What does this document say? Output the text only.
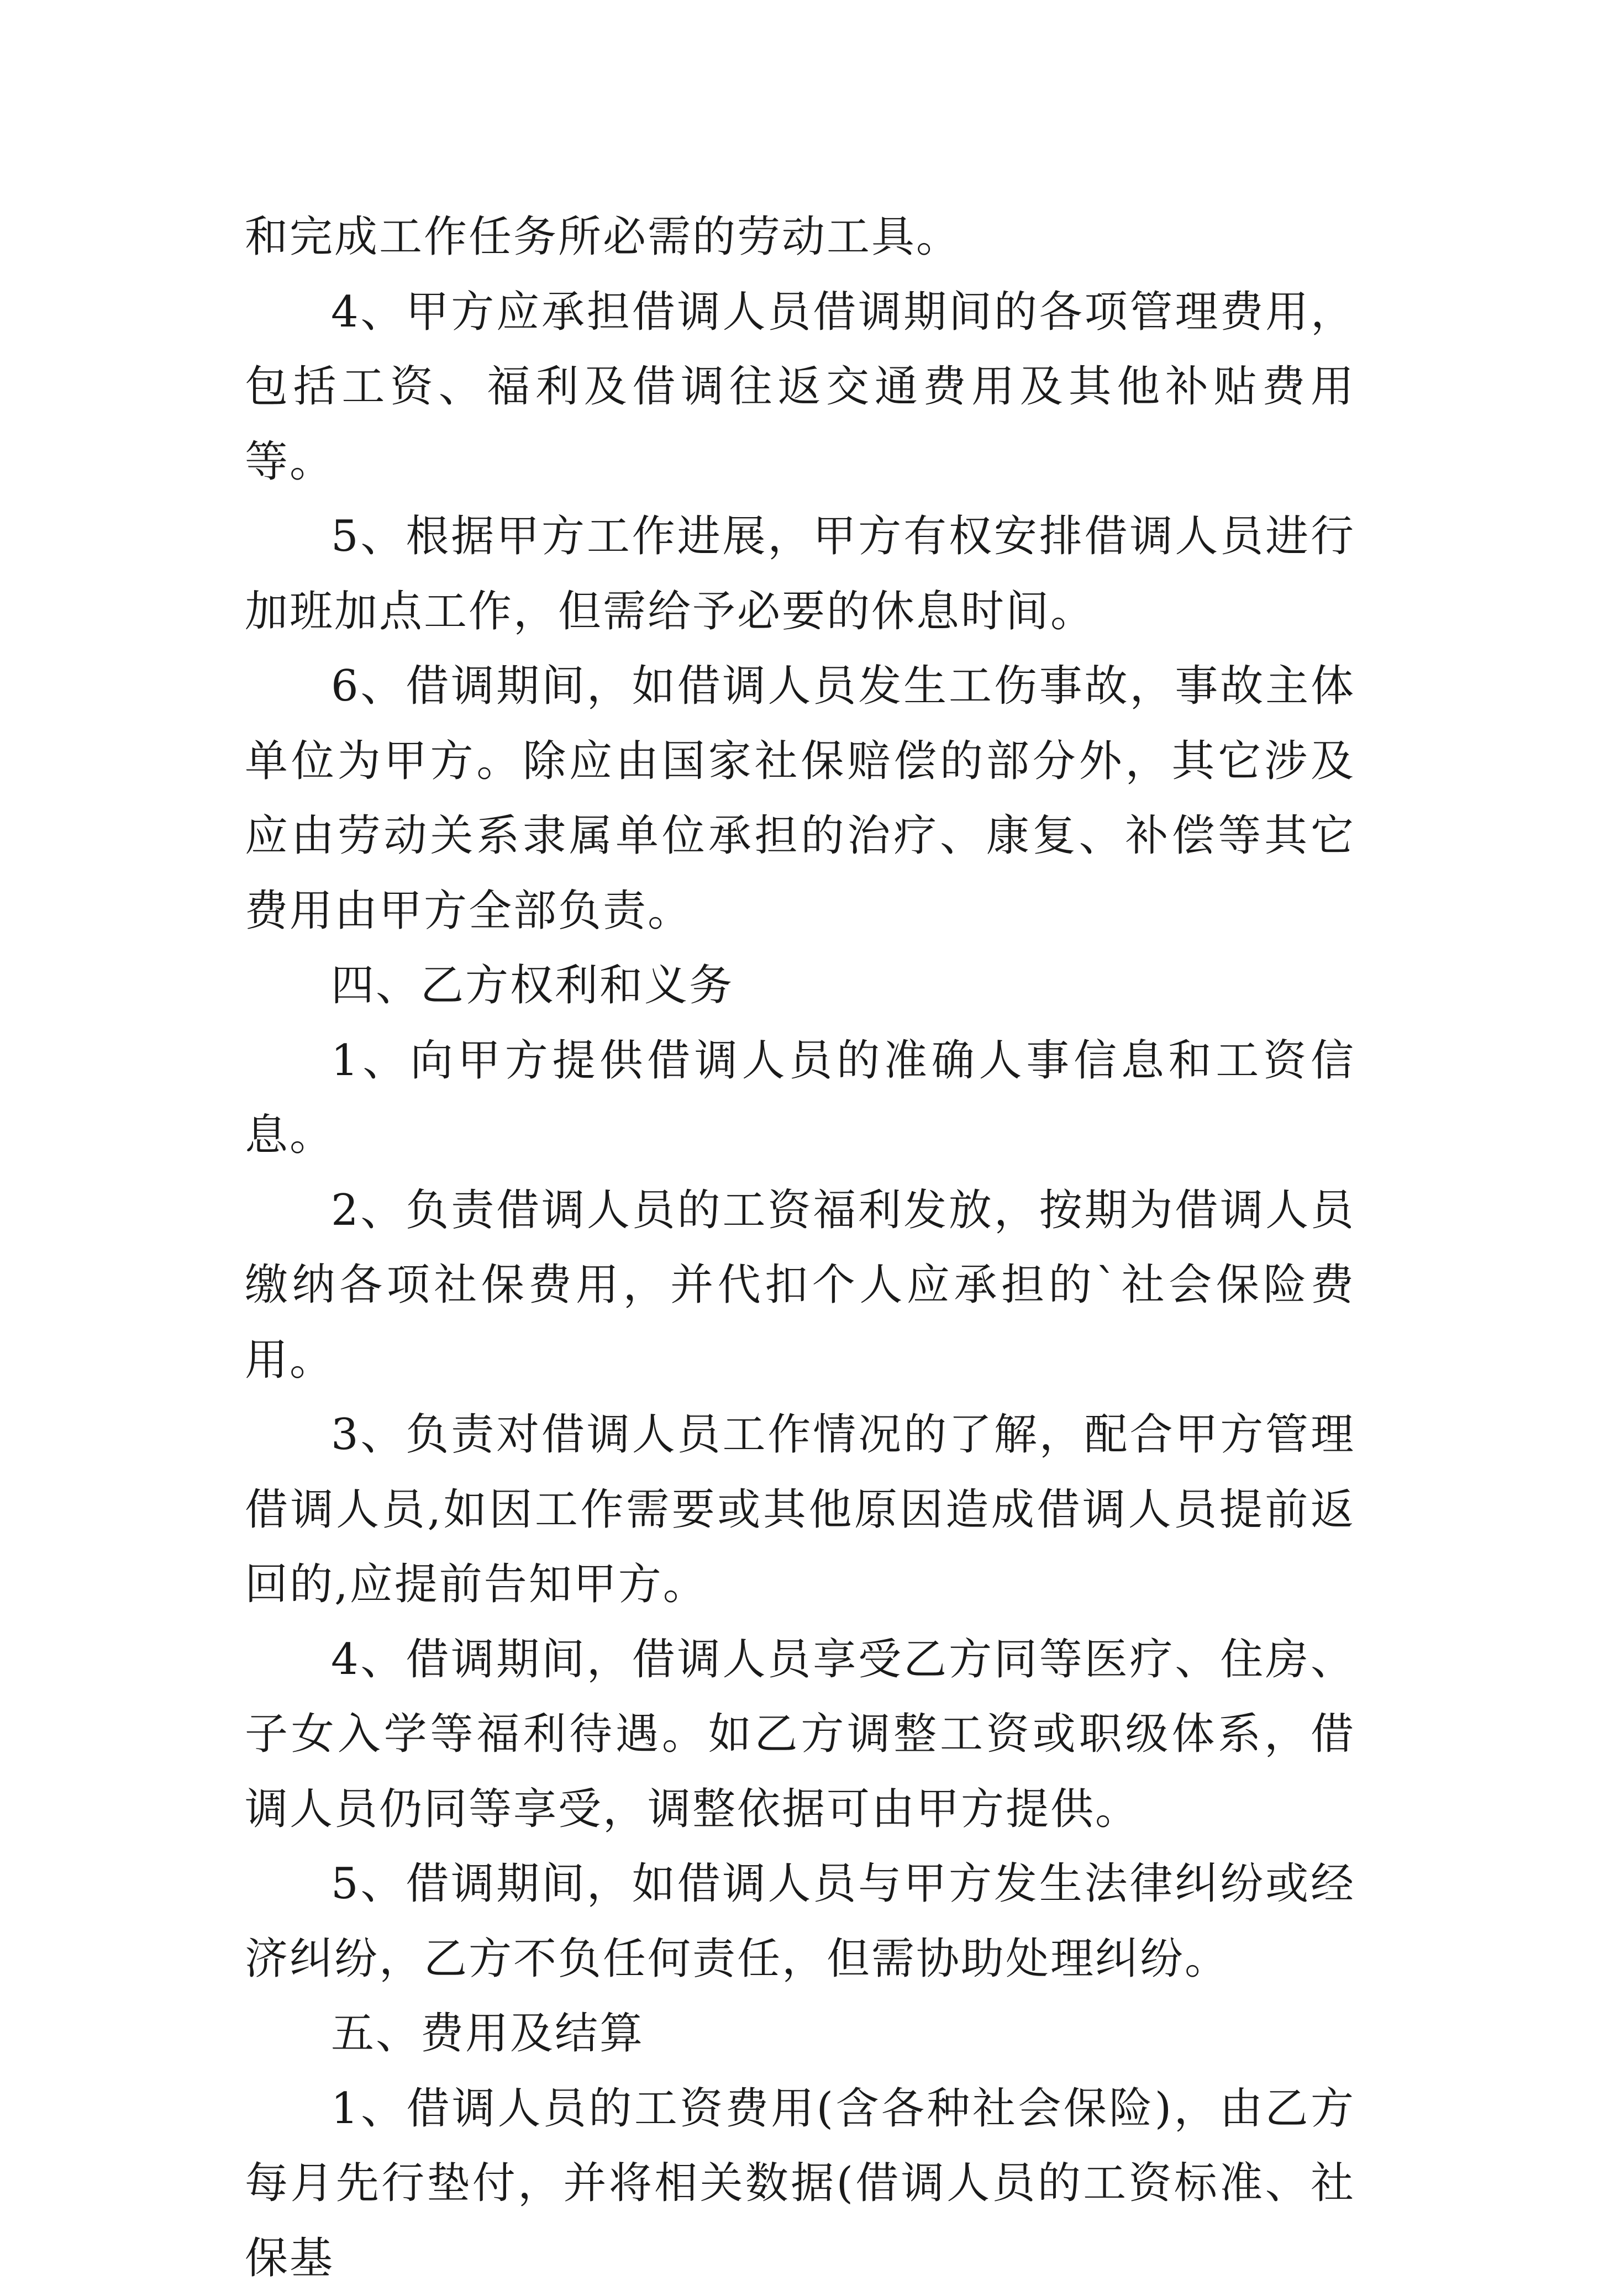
和完成工作任务所必需的劳动工具。

4、甲方应承担借调人员借调期间的各项管理费用，包括工资、福利及借调往返交通费用及其他补贴费用等。

5、根据甲方工作进展，甲方有权安排借调人员进行加班加点工作，但需给予必要的休息时间。

6、借调期间，如借调人员发生工伤事故，事故主体单位为甲方。除应由国家社保赔偿的部分外，其它涉及应由劳动关系隶属单位承担的治疗、康复、补偿等其它费用由甲方全部负责。

四、乙方权利和义务

1、向甲方提供借调人员的准确人事信息和工资信息。

2、负责借调人员的工资福利发放，按期为借调人员缴纳各项社保费用，并代扣个人应承担的`社会保险费用。

3、负责对借调人员工作情况的了解，配合甲方管理借调人员,如因工作需要或其他原因造成借调人员提前返回的,应提前告知甲方。

4、借调期间，借调人员享受乙方同等医疗、住房、子女入学等福利待遇。如乙方调整工资或职级体系，借调人员仍同等享受，调整依据可由甲方提供。

5、借调期间，如借调人员与甲方发生法律纠纷或经济纠纷，乙方不负任何责任，但需协助处理纠纷。

五、费用及结算

1、借调人员的工资费用(含各种社会保险)，由乙方每月先行垫付，并将相关数据(借调人员的工资标准、社保基
